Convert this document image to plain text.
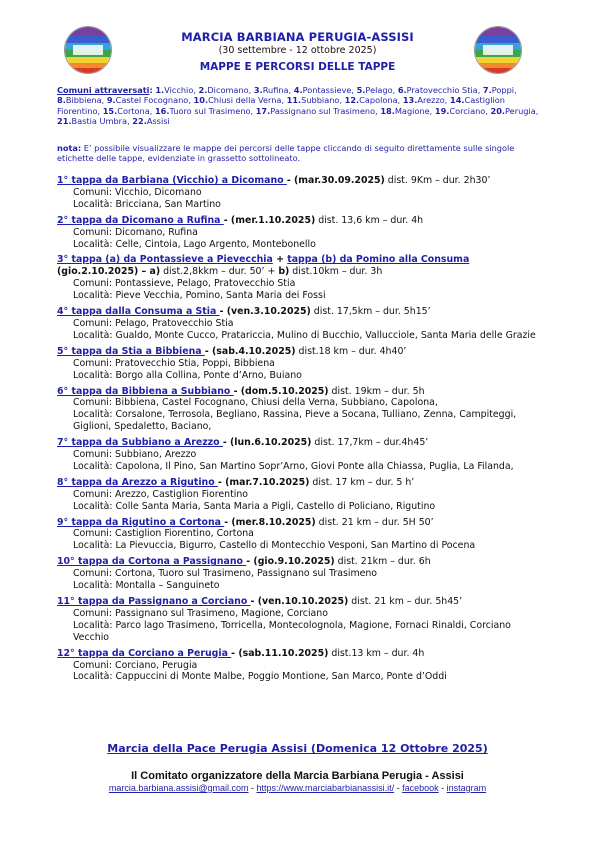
MARCIA BARBIANA PERUGIA-ASSISI
(30 settembre - 12 ottobre 2025)
MAPPE E PERCORSI DELLE TAPPE
Comuni attraversati: 1.Vicchio, 2.Dicomano, 3.Rufina, 4.Pontassieve, 5.Pelago, 6.Pratovecchio Stia, 7.Poppi, 8.Bibbiena, 9.Castel Focognano, 10.Chiusi della Verna, 11.Subbiano, 12.Capolona, 13.Arezzo, 14.Castiglion Fiorentino, 15.Cortona, 16.Tuoro sul Trasimeno, 17.Passignano sul Trasimeno, 18.Magione, 19.Corciano, 20.Perugia, 21.Bastia Umbra, 22.Assisi
nota: E’ possibile visualizzare le mappe dei percorsi delle tappe cliccando di seguito direttamente sulle singole etichette delle tappe, evidenziate in grassetto sottolineato.
1° tappa da Barbiana (Vicchio) a Dicomano - (mar.30.09.2025) dist. 9Km – dur. 2h30’
Comuni: Vicchio, Dicomano
Località: Bricciana, San Martino
2° tappa da Dicomano a Rufina - (mer.1.10.2025) dist. 13,6 km – dur. 4h
Comuni: Dicomano, Rufina
Località: Celle, Cintoia, Lago Argento, Montebonello
3° tappa (a) da Pontassieve a Pievecchia + tappa (b) da Pomino alla Consuma
(gio.2.10.2025) – a) dist.2,8kkm – dur. 50’ + b) dist.10km – dur. 3h
Comuni: Pontassieve, Pelago, Pratovecchio Stia
Località: Pieve Vecchia, Pomino, Santa Maria dei Fossi
4° tappa dalla Consuma a Stia - (ven.3.10.2025) dist. 17,5km – dur. 5h15’
Comuni: Pelago, Pratovecchio Stia
Località: Gualdo, Monte Cucco, Pratariccia, Mulino di Bucchio, Vallucciole, Santa Maria delle Grazie
5° tappa da Stia a Bibbiena - (sab.4.10.2025) dist.18 km – dur. 4h40’
Comuni: Pratovecchio Stia, Poppi, Bibbiena
Località: Borgo alla Collina, Ponte d’Arno, Buiano
6° tappa da Bibbiena a Subbiano - (dom.5.10.2025) dist. 19km – dur. 5h
Comuni: Bibbiena, Castel Focognano, Chiusi della Verna, Subbiano, Capolona,
Località: Corsalone, Terrosola, Begliano, Rassina, Pieve a Socana, Tulliano, Zenna, Campiteggi, Giglioni, Spedaletto, Baciano,
7° tappa da Subbiano a Arezzo - (lun.6.10.2025) dist. 17,7km – dur.4h45’
Comuni: Subbiano, Arezzo
Località: Capolona, Il Pino, San Martino Sopr’Arno, Giovi Ponte alla Chiassa, Puglia, La Filanda,
8° tappa da Arezzo a Rigutino - (mar.7.10.2025) dist. 17 km – dur. 5 h’
Comuni: Arezzo, Castiglion Fiorentino
Località: Colle Santa Maria, Santa Maria a Pigli, Castello di Policiano, Rigutino
9° tappa da Rigutino a Cortona - (mer.8.10.2025) dist. 21 km – dur. 5H 50’
Comuni: Castiglion Fiorentino, Cortona
Località: La Pievuccia, Bigurro, Castello di Montecchio Vesponi, San Martino di Pocena
10° tappa da Cortona a Passignano - (gio.9.10.2025) dist. 21km – dur. 6h
Comuni: Cortona, Tuoro sul Trasimeno, Passignano sul Trasimeno
Località: Montalla – Sanguineto
11° tappa da Passignano a Corciano - (ven.10.10.2025) dist. 21 km – dur. 5h45’
Comuni: Passignano sul Trasimeno, Magione, Corciano
Località: Parco lago Trasimeno, Torricella, Montecolognola, Magione, Fornaci Rinaldi, Corciano Vecchio
12° tappa da Corciano a Perugia - (sab.11.10.2025) dist.13 km – dur. 4h
Comuni: Corciano, Perugia
Località: Cappuccini di Monte Malbe, Poggio Montione, San Marco, Ponte d’Oddi
Marcia della Pace Perugia Assisi (Domenica 12 Ottobre 2025)
Il Comitato organizzatore della Marcia Barbiana Perugia - Assisi
marcia.barbiana.assisi@gmail.com - https://www.marciabarbianassisi.it/ - facebook - instagram
